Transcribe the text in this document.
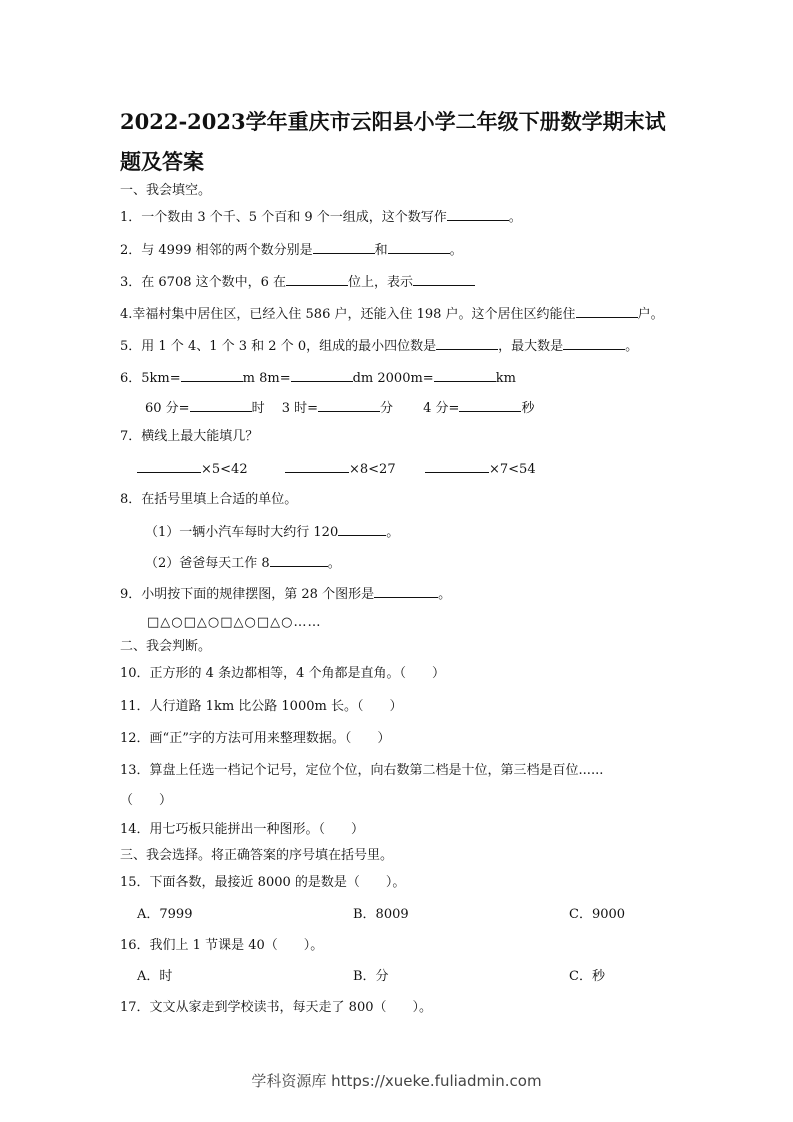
2022-2023学年重庆市云阳县小学二年级下册数学期末试题及答案

一、我会填空。

1．一个数由 3 个千、5 个百和 9 个一组成，这个数写作	。

2．与 4999 相邻的两个数分别是	和	。

3．在 6708 这个数中，6 在	位上，表示

4.幸福村集中居住区，已经入住 586 户，还能入住 198 户。这个居住区约能住	户。

5．用 1 个 4、1 个 3 和 2 个 0，组成的最小四位数是	，最大数是	。

6．5km=	m 8m=	dm 2000m=	km

60 分=	时　 3 时=	分　　 4 分=	秒

7．横线上最大能填几？

×5<42	×8<27	×7<54

8．在括号里填上合适的单位。

（1）一辆小汽车每时大约行 120	。

（2）爸爸每天工作 8	。

9．小明按下面的规律摆图，第 28 个图形是	。

□△○□△○□△○□△○……

二、我会判断。

10．正方形的 4 条边都相等，4 个角都是直角。（　　）

11．人行道路 1km 比公路 1000m 长。（　　）

12．画“正”字的方法可用来整理数据。（　　）

13．算盘上任选一档记个记号，定位个位，向右数第二档是十位，第三档是百位......

（　　）

14．用七巧板只能拼出一种图形。（　　）

三、我会选择。将正确答案的序号填在括号里。

15．下面各数，最接近 8000 的是数是（　　）。

A．7999	B．8009	C．9000

16．我们上 1 节课是 40（　　）。

A．时	B．分	C．秒

17．文文从家走到学校读书，每天走了 800（　　）。

学科资源库 https://xueke.fuliadmin.com
